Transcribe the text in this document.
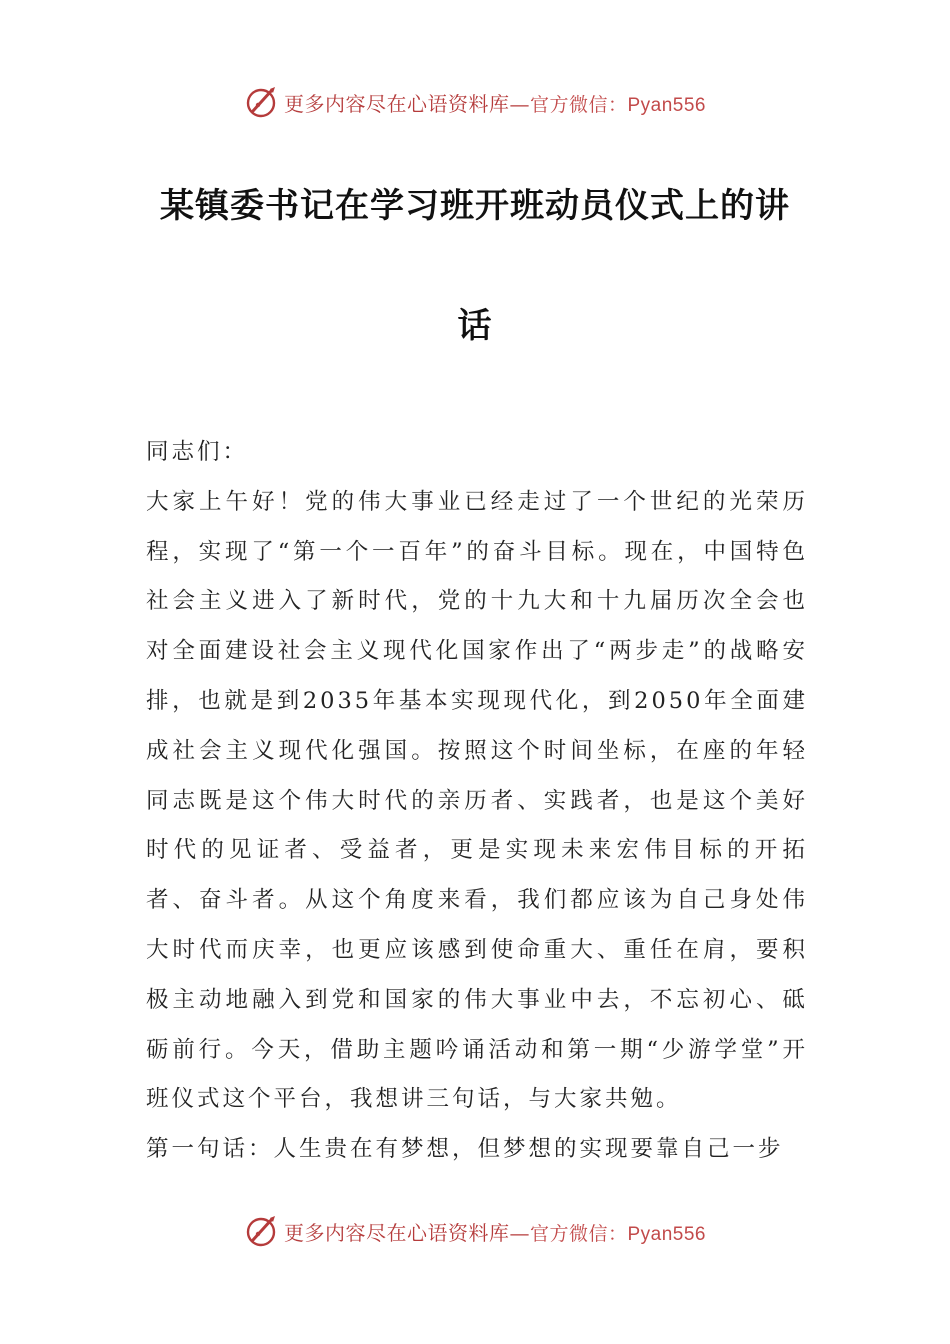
更多内容尽在心语资料库—官方微信：Pyan556
某镇委书记在学习班开班动员仪式上的讲
话

同志们：

大家上午好！党的伟大事业已经走过了一个世纪的光荣历程，实现了“第一个一百年”的奋斗目标。现在，中国特色社会主义进入了新时代，党的十九大和十九届历次全会也对全面建设社会主义现代化国家作出了“两步走”的战略安排，也就是到2035年基本实现现代化，到2050年全面建成社会主义现代化强国。按照这个时间坐标，在座的年轻同志既是这个伟大时代的亲历者、实践者，也是这个美好时代的见证者、受益者，更是实现未来宏伟目标的开拓者、奋斗者。从这个角度来看，我们都应该为自己身处伟大时代而庆幸，也更应该感到使命重大、重任在肩，要积极主动地融入到党和国家的伟大事业中去，不忘初心、砥砺前行。今天，借助主题吟诵活动和第一期“少游学堂”开班仪式这个平台，我想讲三句话，与大家共勉。

第一句话：人生贵在有梦想，但梦想的实现要靠自己一步

更多内容尽在心语资料库—官方微信：Pyan556
